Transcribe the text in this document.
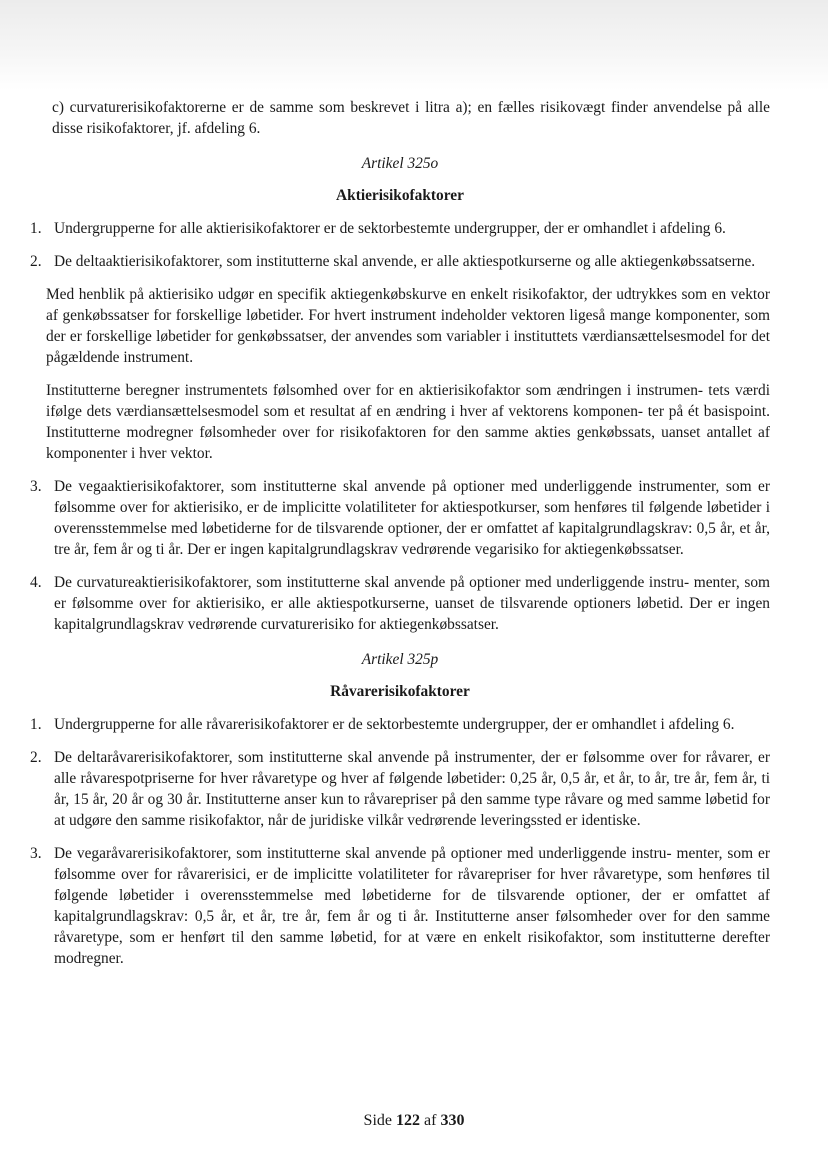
c) curvaturerisikofaktorerne er de samme som beskrevet i litra a); en fælles risikovægt finder anvendelse på alle disse risikofaktorer, jf. afdeling 6.

Artikel 325o
Aktierisikofaktorer
1. Undergrupperne for alle aktierisikofaktorer er de sektorbestemte undergrupper, der er omhandlet i afdeling 6.
2. De deltaaktierisikofaktorer, som institutterne skal anvende, er alle aktiespotkurserne og alle aktiegenkøbssatserne.

Med henblik på aktierisiko udgør en specifik aktiegenkøbskurve en enkelt risikofaktor, der udtrykkes som en vektor af genkøbssatser for forskellige løbetider. For hvert instrument indeholder vektoren ligeså mange komponenter, som der er forskellige løbetider for genkøbssatser, der anvendes som variabler i instituttets værdiansættelsesmodel for det pågældende instrument.

Institutterne beregner instrumentets følsomhed over for en aktierisikofaktor som ændringen i instrumen- tets værdi ifølge dets værdiansættelsesmodel som et resultat af en ændring i hver af vektorens komponen- ter på ét basispoint. Institutterne modregner følsomheder over for risikofaktoren for den samme akties genkøbssats, uanset antallet af komponenter i hver vektor.

3. De vegaaktierisikofaktorer, som institutterne skal anvende på optioner med underliggende instrumenter, som er følsomme over for aktierisiko, er de implicitte volatiliteter for aktiespotkurser, som henføres til følgende løbetider i overensstemmelse med løbetiderne for de tilsvarende optioner, der er omfattet af kapitalgrundlagskrav: 0,5 år, et år, tre år, fem år og ti år. Der er ingen kapitalgrundlagskrav vedrørende vegarisiko for aktiegenkøbssatser.
4. De curvatureaktierisikofaktorer, som institutterne skal anvende på optioner med underliggende instru- menter, som er følsomme over for aktierisiko, er alle aktiespotkurserne, uanset de tilsvarende optioners løbetid. Der er ingen kapitalgrundlagskrav vedrørende curvaturerisiko for aktiegenkøbssatser.
Artikel 325p
Råvarerisikofaktorer
1. Undergrupperne for alle råvarerisikofaktorer er de sektorbestemte undergrupper, der er omhandlet i afdeling 6.
2. De deltaråvarerisikofaktorer, som institutterne skal anvende på instrumenter, der er følsomme over for råvarer, er alle råvarespotpriserne for hver råvaretype og hver af følgende løbetider: 0,25 år, 0,5 år, et år, to år, tre år, fem år, ti år, 15 år, 20 år og 30 år. Institutterne anser kun to råvarepriser på den samme type råvare og med samme løbetid for at udgøre den samme risikofaktor, når de juridiske vilkår vedrørende leveringssted er identiske.
3. De vegaråvarerisikofaktorer, som institutterne skal anvende på optioner med underliggende instru- menter, som er følsomme over for råvarerisici, er de implicitte volatiliteter for råvarepriser for hver råvaretype, som henføres til følgende løbetider i overensstemmelse med løbetiderne for de tilsvarende optioner, der er omfattet af kapitalgrundlagskrav: 0,5 år, et år, tre år, fem år og ti år. Institutterne anser følsomheder over for den samme råvaretype, som er henført til den samme løbetid, for at være en enkelt risikofaktor, som institutterne derefter modregner.
Side 122 af 330
